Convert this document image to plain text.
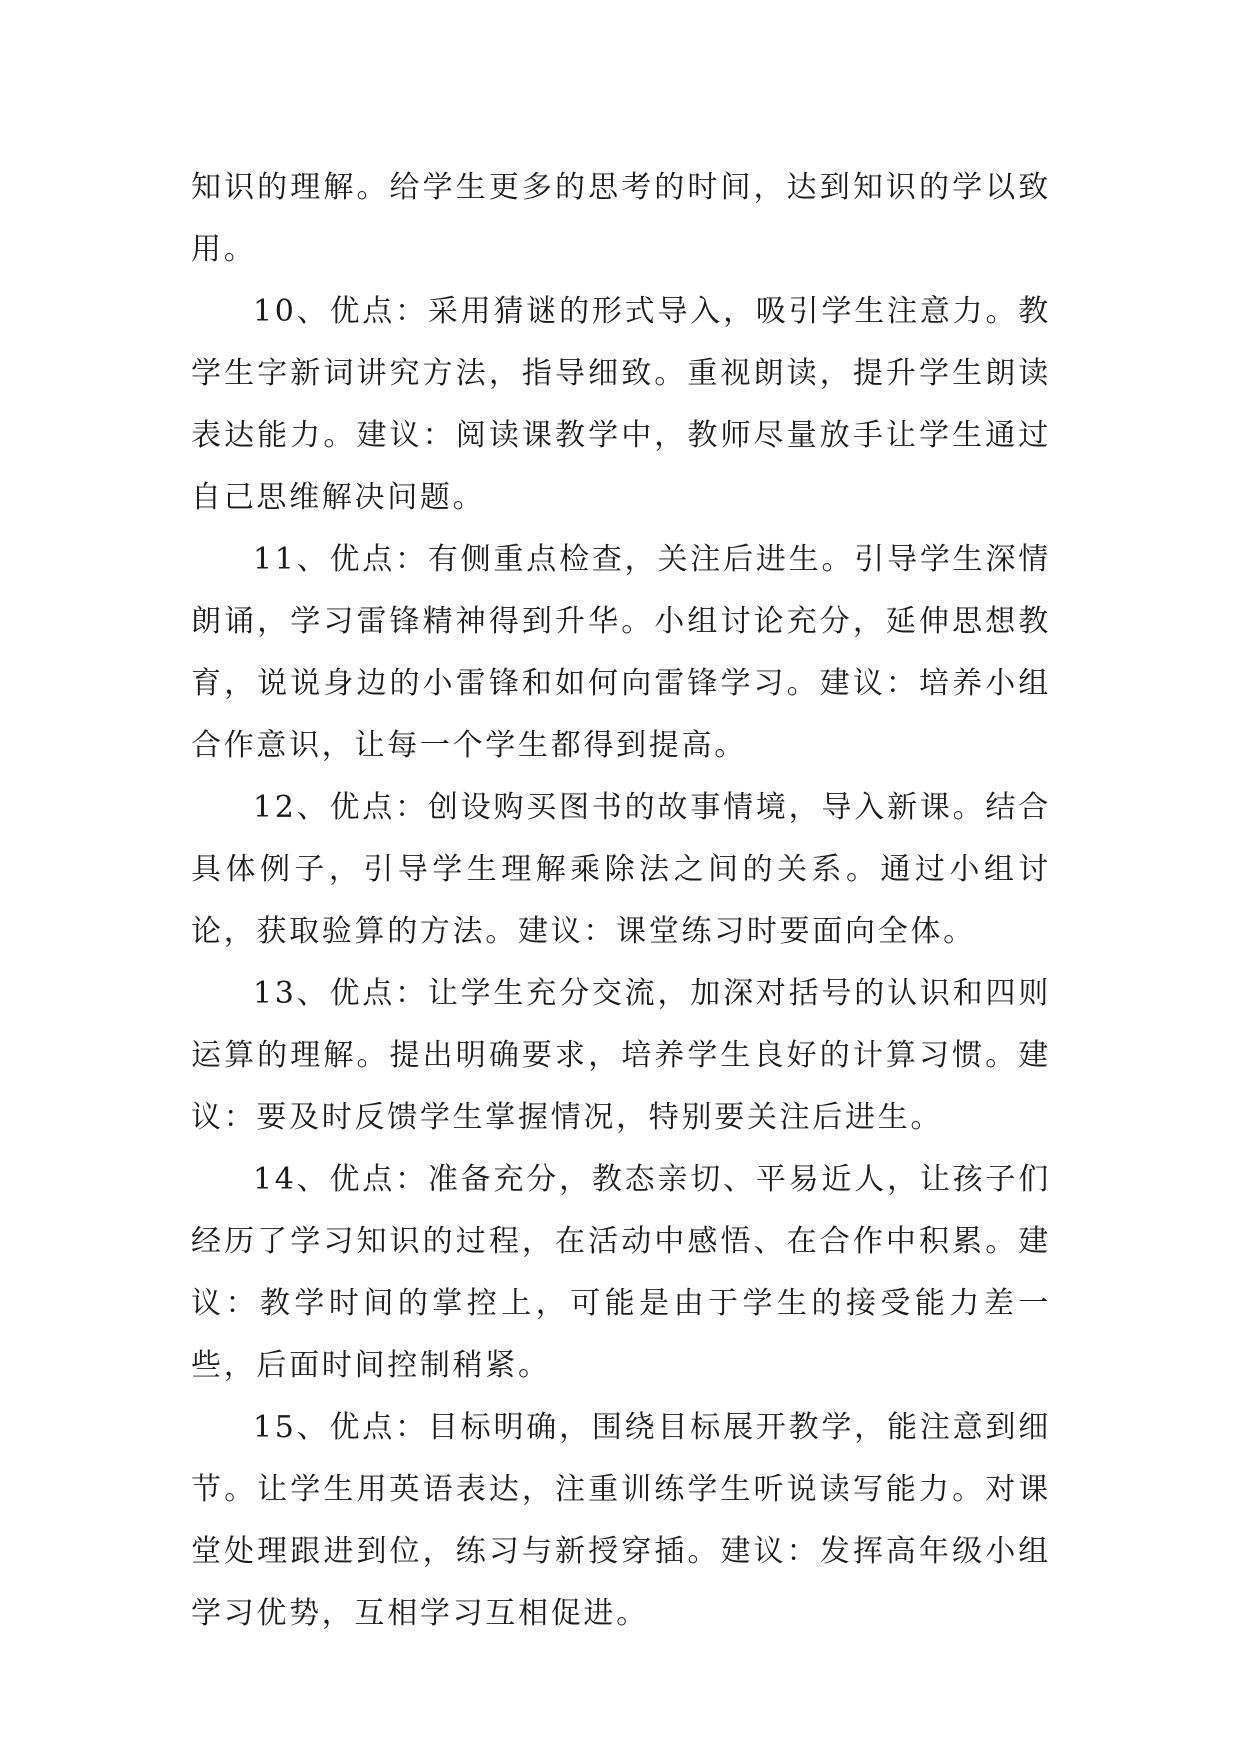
知识的理解。给学生更多的思考的时间，达到知识的学以致用。

10、优点：采用猜谜的形式导入，吸引学生注意力。教学生字新词讲究方法，指导细致。重视朗读，提升学生朗读表达能力。建议：阅读课教学中，教师尽量放手让学生通过自己思维解决问题。

11、优点：有侧重点检查，关注后进生。引导学生深情朗诵，学习雷锋精神得到升华。小组讨论充分，延伸思想教育，说说身边的小雷锋和如何向雷锋学习。建议：培养小组合作意识，让每一个学生都得到提高。

12、优点：创设购买图书的故事情境，导入新课。结合具体例子，引导学生理解乘除法之间的关系。通过小组讨论，获取验算的方法。建议：课堂练习时要面向全体。

13、优点：让学生充分交流，加深对括号的认识和四则运算的理解。提出明确要求，培养学生良好的计算习惯。建议：要及时反馈学生掌握情况，特别要关注后进生。

14、优点：准备充分，教态亲切、平易近人，让孩子们经历了学习知识的过程，在活动中感悟、在合作中积累。建议：教学时间的掌控上，可能是由于学生的接受能力差一些，后面时间控制稍紧。

15、优点：目标明确，围绕目标展开教学，能注意到细节。让学生用英语表达，注重训练学生听说读写能力。对课堂处理跟进到位，练习与新授穿插。建议：发挥高年级小组学习优势，互相学习互相促进。
